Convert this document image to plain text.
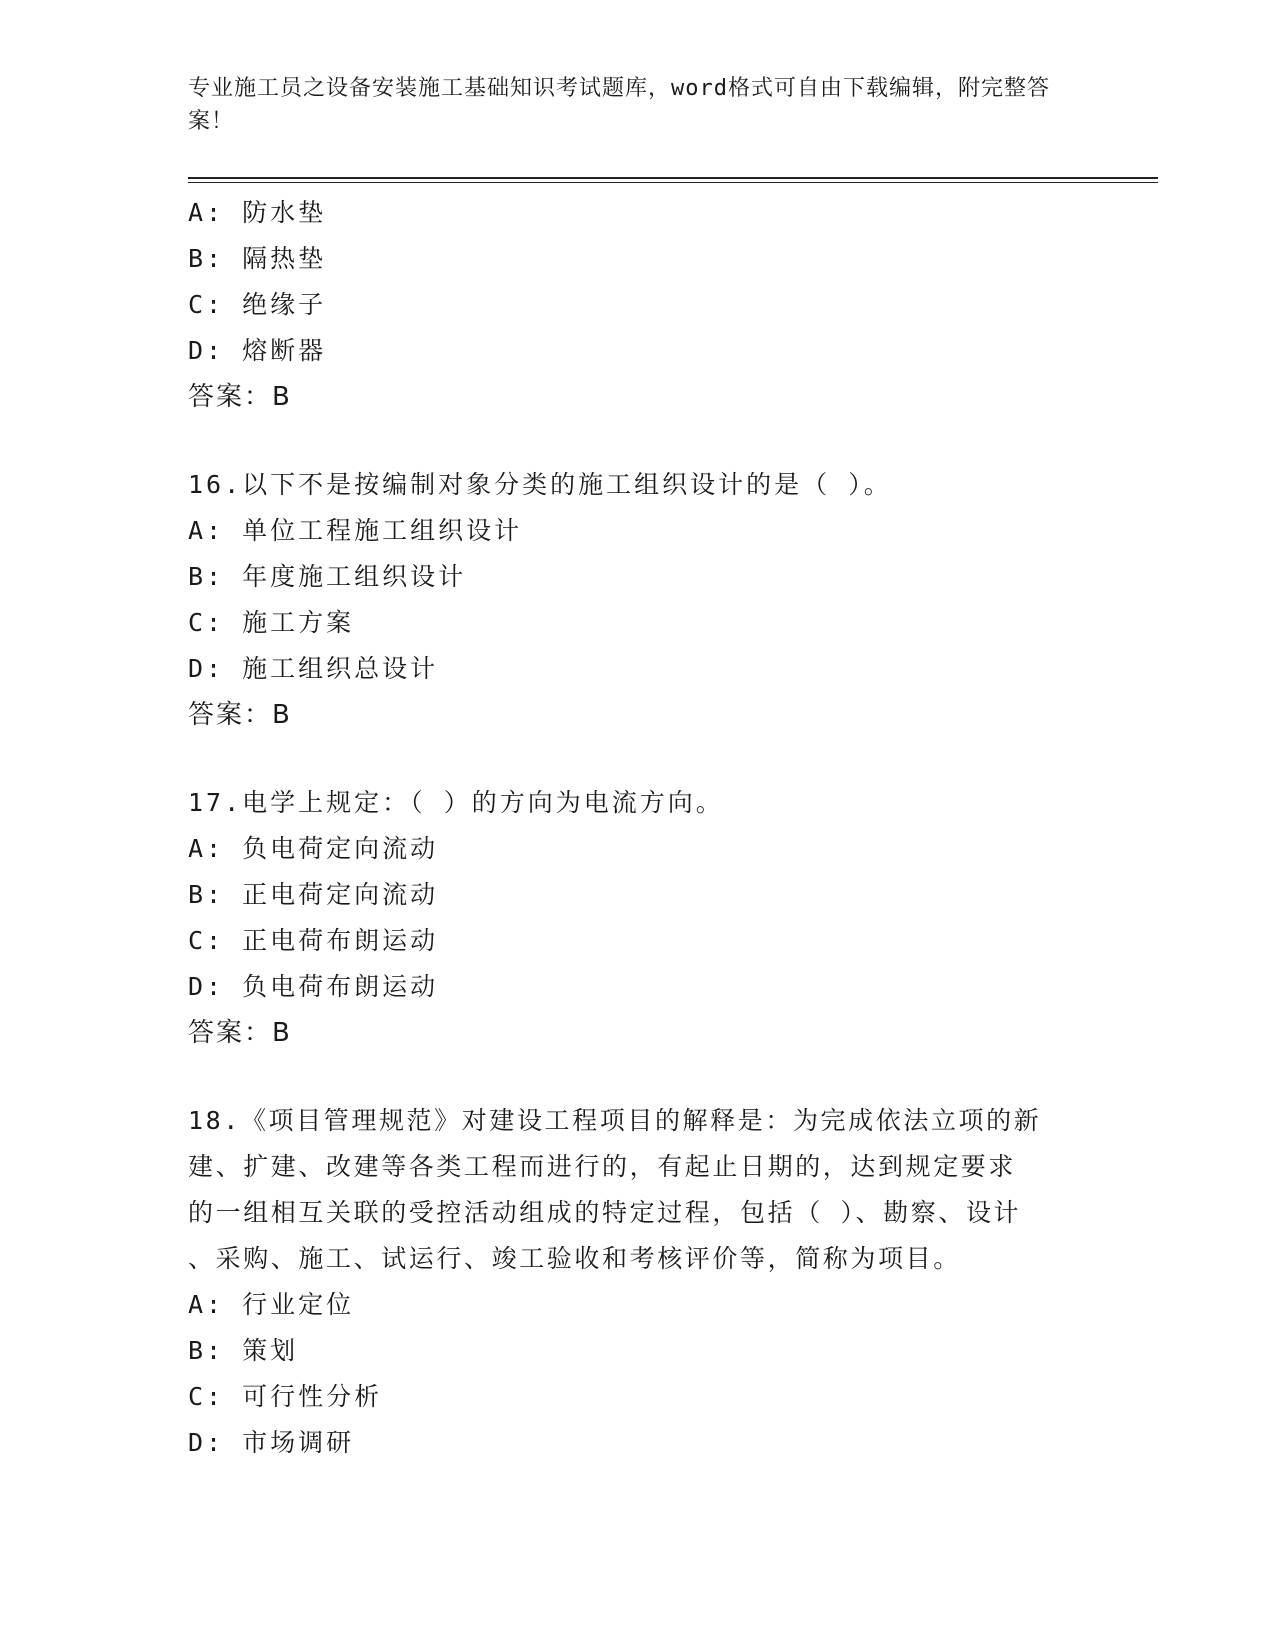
专业施工员之设备安装施工基础知识考试题库，word格式可自由下载编辑，附完整答案！
A: 防水垫
B: 隔热垫
C: 绝缘子
D: 熔断器
答案：B
16.以下不是按编制对象分类的施工组织设计的是（ ）。
A: 单位工程施工组织设计
B: 年度施工组织设计
C: 施工方案
D: 施工组织总设计
答案：B
17.电学上规定：（ ）的方向为电流方向。
A: 负电荷定向流动
B: 正电荷定向流动
C: 正电荷布朗运动
D: 负电荷布朗运动
答案：B
18.《项目管理规范》对建设工程项目的解释是：为完成依法立项的新
建、扩建、改建等各类工程而进行的，有起止日期的，达到规定要求
的一组相互关联的受控活动组成的特定过程，包括（ ）、勘察、设计
、采购、施工、试运行、竣工验收和考核评价等，简称为项目。
A: 行业定位
B: 策划
C: 可行性分析
D: 市场调研
